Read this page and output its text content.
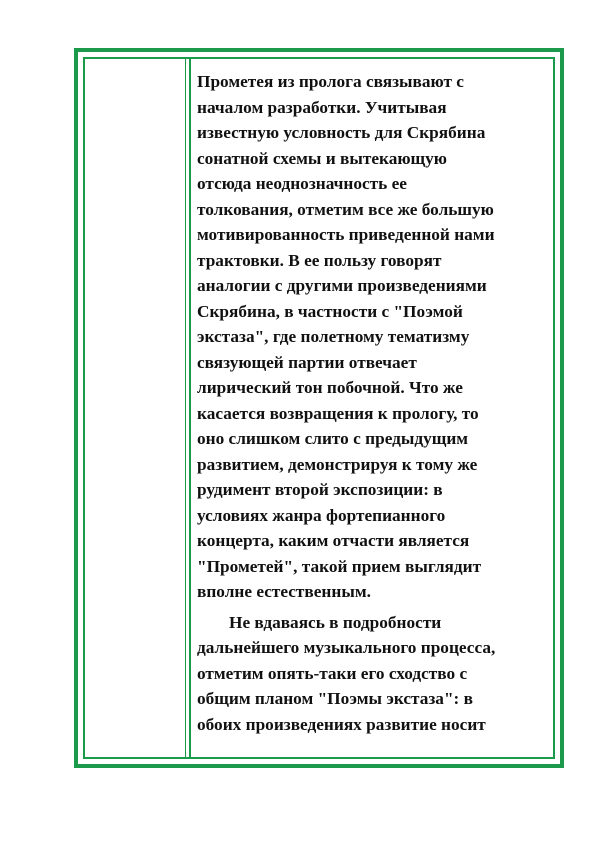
Прометея из пролога связывают с
началом разработки. Учитывая
известную условность для Скрябина
сонатной схемы и вытекающую
отсюда неоднозначность ее
толкования, отметим все же большую
мотивированность приведенной нами
трактовки. В ее пользу говорят
аналогии с другими произведениями
Скрябина, в частности с "Поэмой
экстаза", где полетному тематизму
связующей партии отвечает
лирический тон побочной. Что же
касается возвращения к прологу, то
оно слишком слито с предыдущим
развитием, демонстрируя к тому же
рудимент второй экспозиции: в
условиях жанра фортепианного
концерта, каким отчасти является
"Прометей", такой прием выглядит
вполне естественным.
Не вдаваясь в подробности
дальнейшего музыкального процесса,
отметим опять-таки его сходство с
общим планом "Поэмы экстаза": в
обоих произведениях развитие носит
